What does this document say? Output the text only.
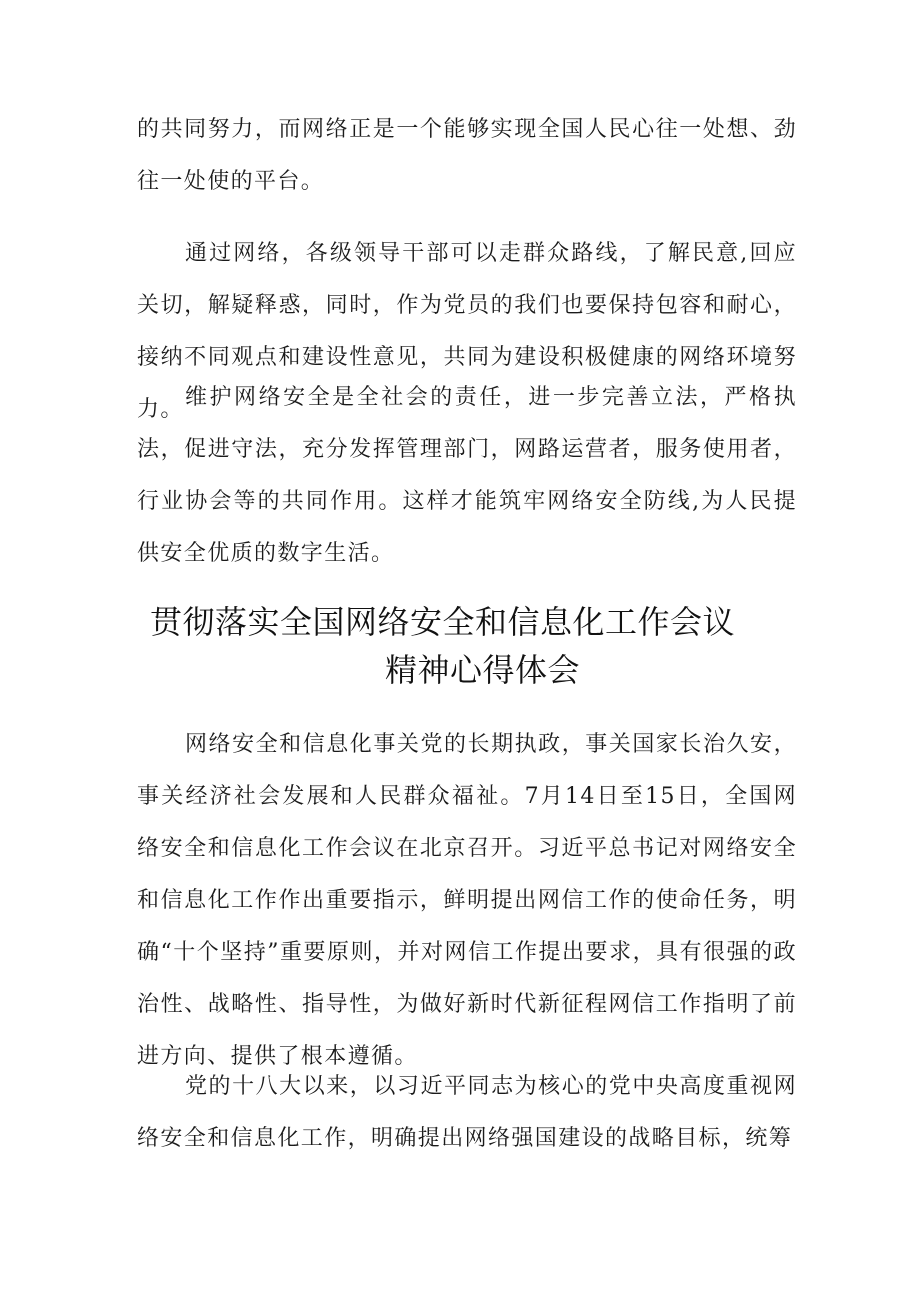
的共同努力，而网络正是一个能够实现全国人民心往一处想、劲往一处使的平台。

通过网络，各级领导干部可以走群众路线，了解民意,回应关切，解疑释惑，同时，作为党员的我们也要保持包容和耐心，接纳不同观点和建设性意见，共同为建设积极健康的网络环境努力。 维护网络安全是全社会的责任，进一步完善立法，严格执法，促进守法，充分发挥管理部门，网路运营者，服务使用者，行业协会等的共同作用。这样才能筑牢网络安全防线,为人民提供安全优质的数字生活。

贯彻落实全国网络安全和信息化工作会议
精神心得体会

网络安全和信息化事关党的长期执政，事关国家长治久安，事关经济社会发展和人民群众福祉。7月14日至15日，全国网络安全和信息化工作会议在北京召开。习近平总书记对网络安全和信息化工作作出重要指示，鲜明提出网信工作的使命任务，明确“十个坚持”重要原则，并对网信工作提出要求，具有很强的政治性、战略性、指导性，为做好新时代新征程网信工作指明了前进方向、提供了根本遵循。

党的十八大以来，以习近平同志为核心的党中央高度重视网络安全和信息化工作，明确提出网络强国建设的战略目标，统筹
